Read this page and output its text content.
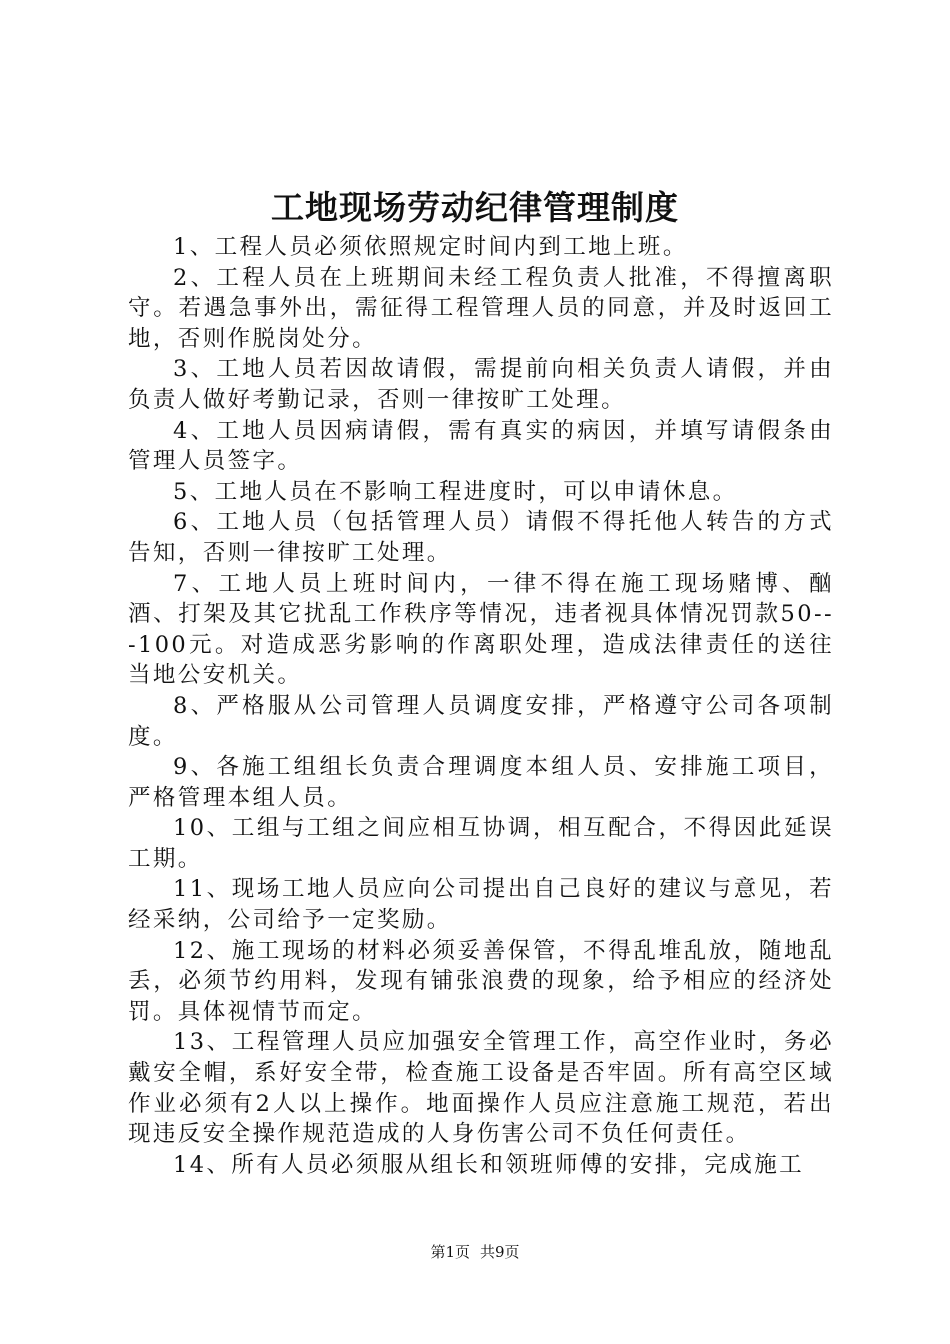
工地现场劳动纪律管理制度

1、工程人员必须依照规定时间内到工地上班。

2、工程人员在上班期间未经工程负责人批准，不得擅离职守。若遇急事外出，需征得工程管理人员的同意，并及时返回工地，否则作脱岗处分。

3、工地人员若因故请假，需提前向相关负责人请假，并由负责人做好考勤记录，否则一律按旷工处理。

4、工地人员因病请假，需有真实的病因，并填写请假条由管理人员签字。

5、工地人员在不影响工程进度时，可以申请休息。

6、工地人员（包括管理人员）请假不得托他人转告的方式告知，否则一律按旷工处理。

7、工地人员上班时间内，一律不得在施工现场赌博、酗酒、打架及其它扰乱工作秩序等情况，违者视具体情况罚款50---100元。对造成恶劣影响的作离职处理，造成法律责任的送往当地公安机关。

8、严格服从公司管理人员调度安排，严格遵守公司各项制度。

9、各施工组组长负责合理调度本组人员、安排施工项目，严格管理本组人员。

10、工组与工组之间应相互协调，相互配合，不得因此延误工期。

11、现场工地人员应向公司提出自己良好的建议与意见，若经采纳，公司给予一定奖励。

12、施工现场的材料必须妥善保管，不得乱堆乱放，随地乱丢，必须节约用料，发现有铺张浪费的现象，给予相应的经济处罚。具体视情节而定。

13、工程管理人员应加强安全管理工作，高空作业时，务必戴安全帽，系好安全带，检查施工设备是否牢固。所有高空区域作业必须有2人以上操作。地面操作人员应注意施工规范，若出现违反安全操作规范造成的人身伤害公司不负任何责任。

14、所有人员必须服从组长和领班师傅的安排，完成施工

第1页 共9页
